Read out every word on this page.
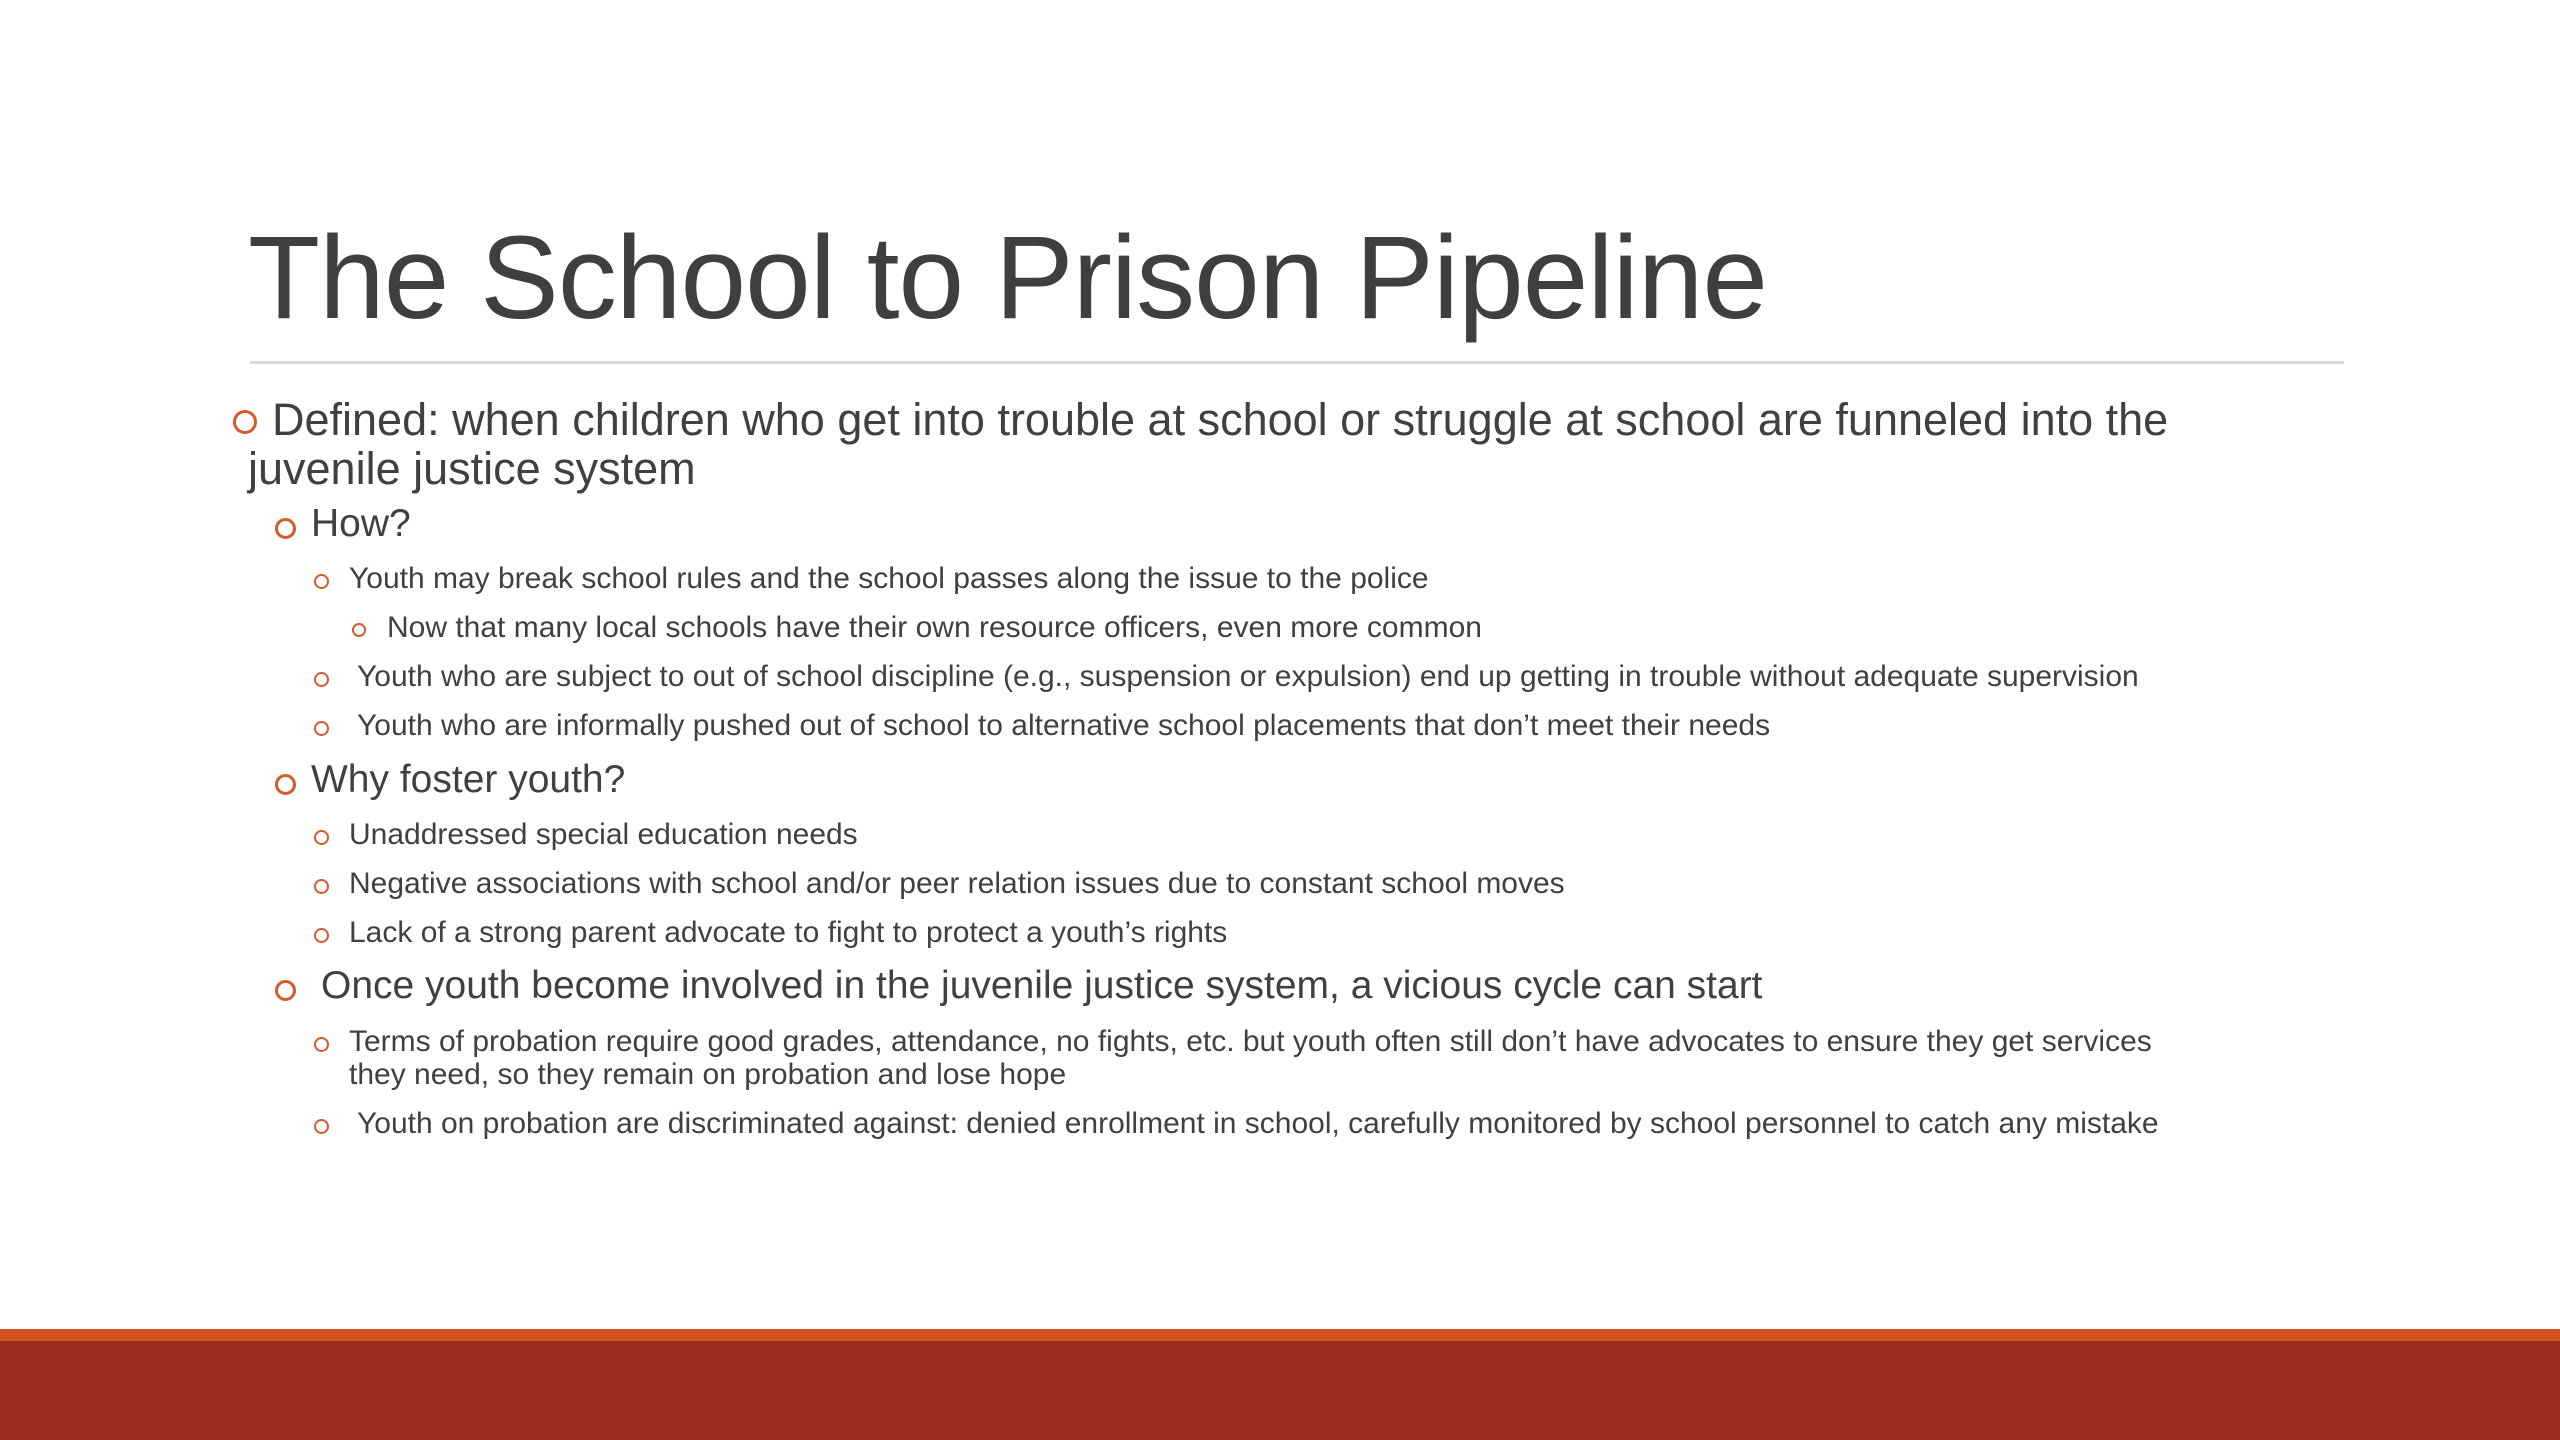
The School to Prison Pipeline
Defined: when children who get into trouble at school or struggle at school are funneled into the
juvenile justice system
How?
Youth may break school rules and the school passes along the issue to the police
Now that many local schools have their own resource officers, even more common
Youth who are subject to out of school discipline (e.g., suspension or expulsion) end up getting in trouble without adequate supervision
Youth who are informally pushed out of school to alternative school placements that don’t meet their needs
Why foster youth?
Unaddressed special education needs
Negative associations with school and/or peer relation issues due to constant school moves
Lack of a strong parent advocate to fight to protect a youth’s rights
Once youth become involved in the juvenile justice system, a vicious cycle can start
Terms of probation require good grades, attendance, no fights, etc. but youth often still don’t have advocates to ensure they get services
they need, so they remain on probation and lose hope
Youth on probation are discriminated against: denied enrollment in school, carefully monitored by school personnel to catch any mistake
